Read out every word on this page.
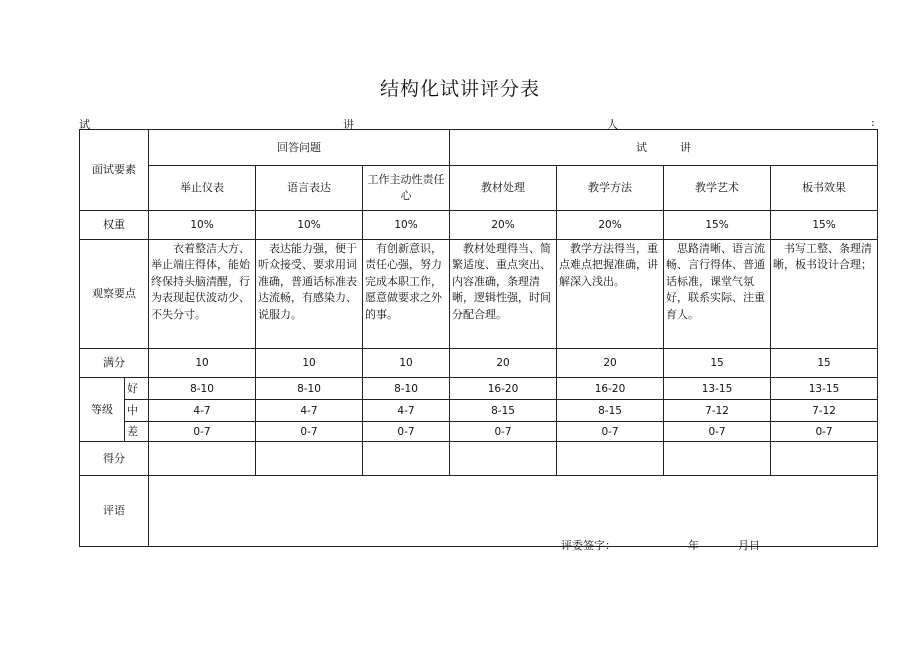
结构化试讲评分表
试	讲	人	:
面试要素		回答问题			试　　　讲			
		举止仪表	语言表达	工作主动性责任心	教材处理	教学方法	教学艺术	板书效果
权重		10%	10%	10%	20%	20%	15%	15%
观察要点		　　衣着整洁大方、举止端庄得体，能始终保持头脑清醒，行为表现起伏波动少、不失分寸。	　表达能力强，便于听众接受、要求用词准确，普通话标准表达流畅，有感染力、说服力。	　有创新意识，责任心强，努力完成本职工作，愿意做要求之外的事。	　教材处理得当、简繁适度、重点突出、内容准确，条理清晰，逻辑性强，时间分配合理。	　教学方法得当，重点难点把握准确，讲解深入浅出。	　思路清晰、语言流畅、言行得体、普通话标准，课堂气氛好，联系实际、注重育人。	　书写工整、条理清晰，板书设计合理；
满分		10	10	10	20	20	15	15
等级	好	8-10	8-10	8-10	16-20	16-20	13-15	13-15
	中	4-7	4-7	4-7	8-15	8-15	7-12	7-12
	差	0-7	0-7	0-7	0-7	0-7	0-7	0-7
得分								
评语								
评委签字：	年	月日
